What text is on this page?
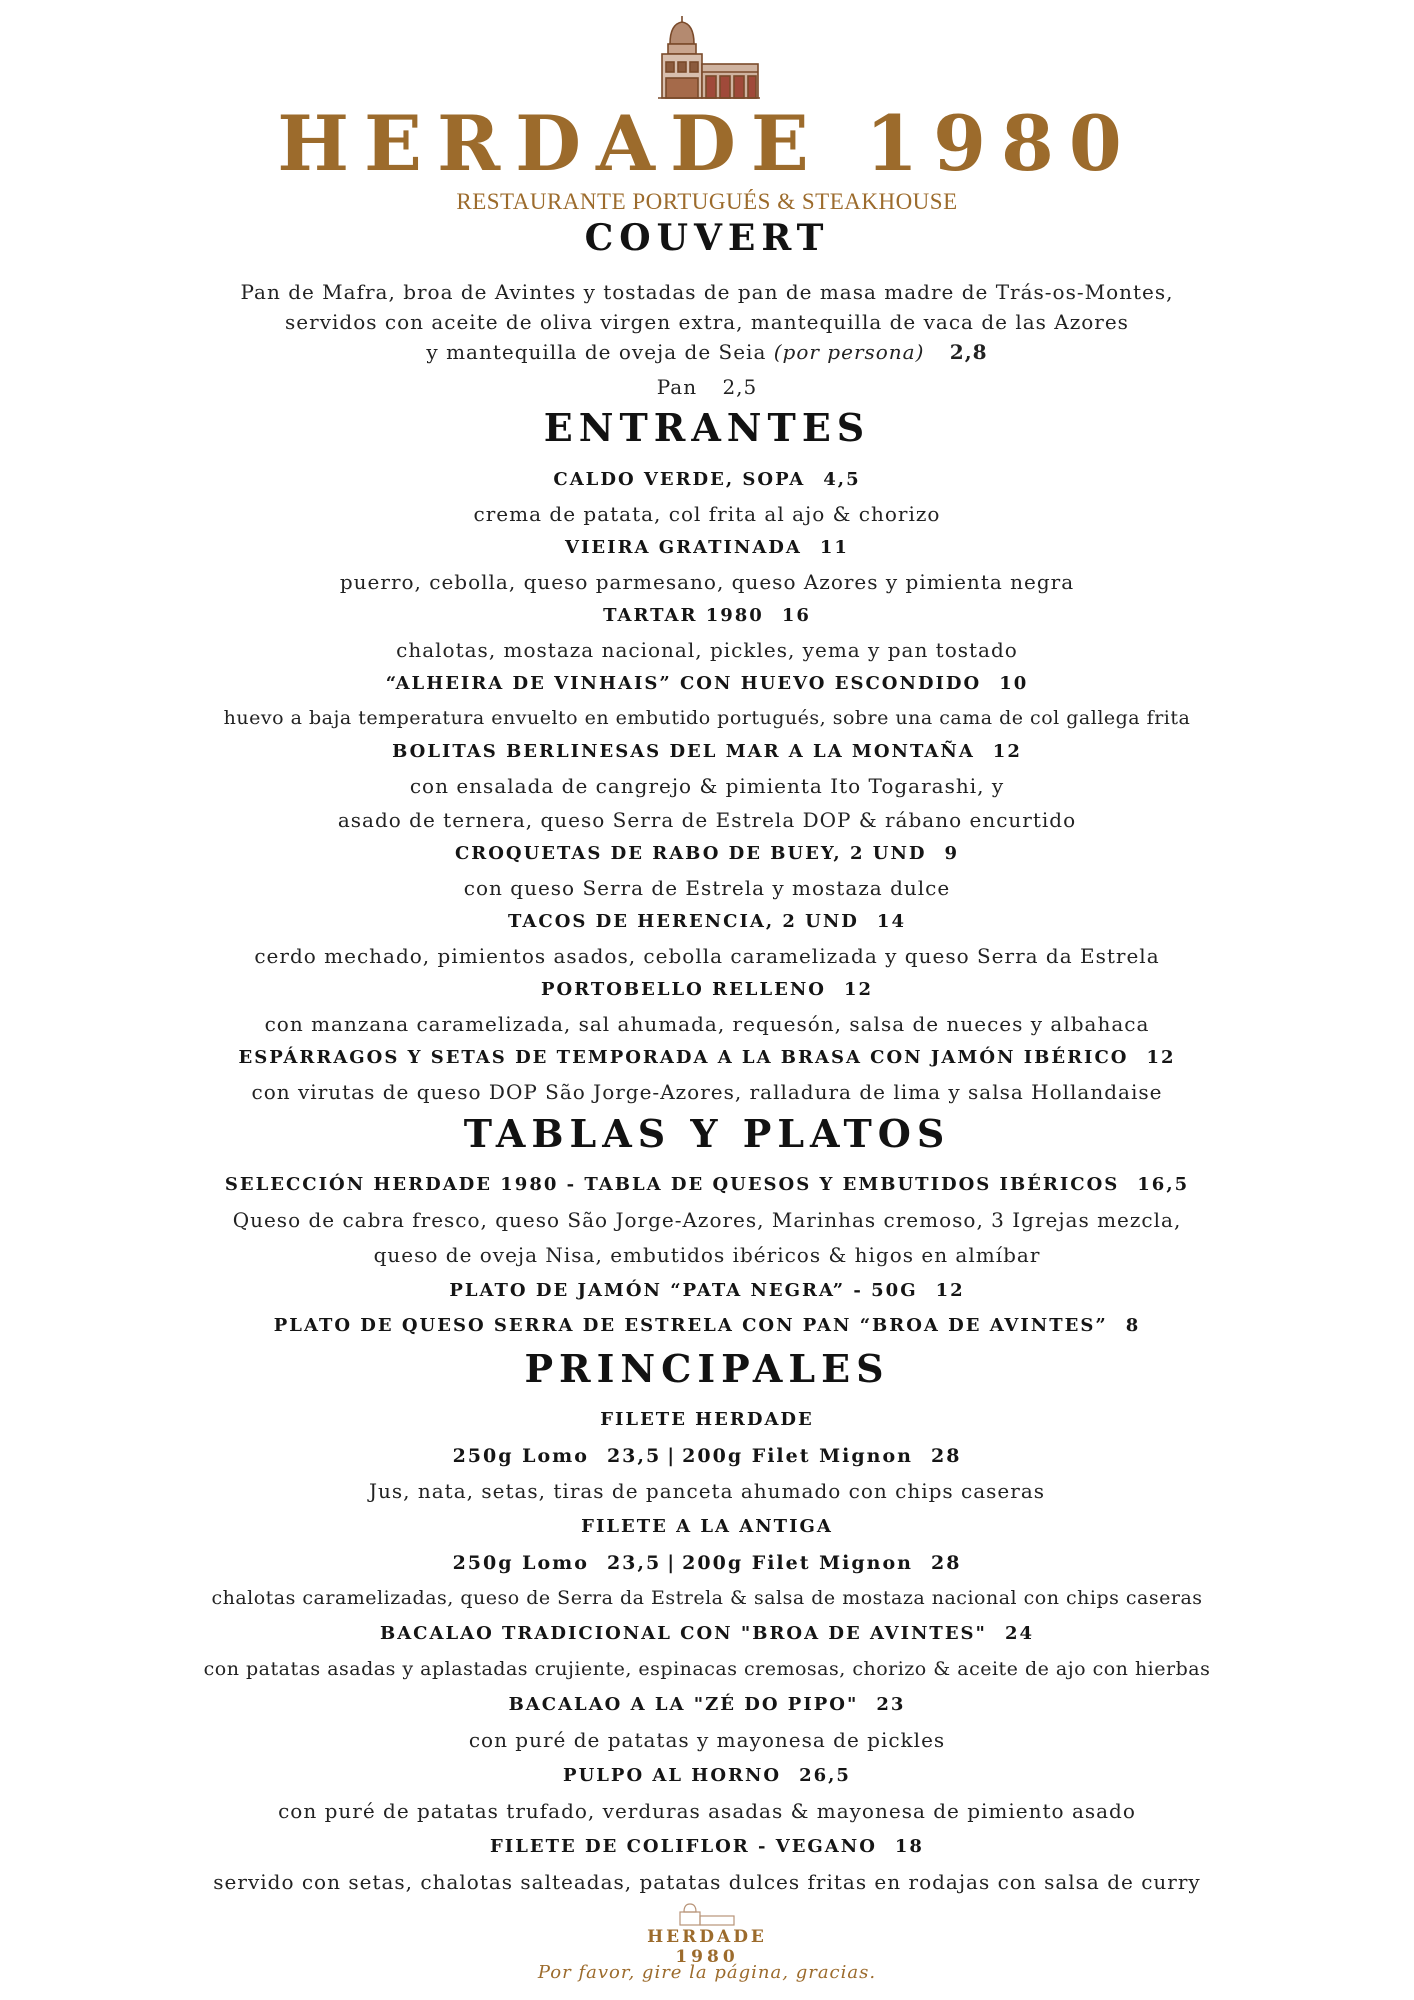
HERDADE 1980
RESTAURANTE PORTUGUÉS & STEAKHOUSE
COUVERT
Pan de Mafra, broa de Avintes y tostadas de pan de masa madre de Trás-os-Montes,
servidos con aceite de oliva virgen extra, mantequilla de vaca de las Azores
y mantequilla de oveja de Seia (por persona) 2,8
Pan 2,5
ENTRANTES
CALDO VERDE, SOPA 4,5
crema de patata, col frita al ajo & chorizo
VIEIRA GRATINADA 11
puerro, cebolla, queso parmesano, queso Azores y pimienta negra
TARTAR 1980 16
chalotas, mostaza nacional, pickles, yema y pan tostado
“ALHEIRA DE VINHAIS” CON HUEVO ESCONDIDO 10
huevo a baja temperatura envuelto en embutido portugués, sobre una cama de col gallega frita
BOLITAS BERLINESAS DEL MAR A LA MONTAÑA 12
con ensalada de cangrejo & pimienta Ito Togarashi, y
asado de ternera, queso Serra de Estrela DOP & rábano encurtido
CROQUETAS DE RABO DE BUEY, 2 UND 9
con queso Serra de Estrela y mostaza dulce
TACOS DE HERENCIA, 2 UND 14
cerdo mechado, pimientos asados, cebolla caramelizada y queso Serra da Estrela
PORTOBELLO RELLENO 12
con manzana caramelizada, sal ahumada, requesón, salsa de nueces y albahaca
ESPÁRRAGOS Y SETAS DE TEMPORADA A LA BRASA CON JAMÓN IBÉRICO 12
con virutas de queso DOP São Jorge-Azores, ralladura de lima y salsa Hollandaise
TABLAS Y PLATOS
SELECCIÓN HERDADE 1980 - TABLA DE QUESOS Y EMBUTIDOS IBÉRICOS 16,5
Queso de cabra fresco, queso São Jorge-Azores, Marinhas cremoso, 3 Igrejas mezcla,
queso de oveja Nisa, embutidos ibéricos & higos en almíbar
PLATO DE JAMÓN “PATA NEGRA” - 50G 12
PLATO DE QUESO SERRA DE ESTRELA CON PAN “BROA DE AVINTES” 8
PRINCIPALES
FILETE HERDADE
250g Lomo 23,5 | 200g Filet Mignon 28
Jus, nata, setas, tiras de panceta ahumado con chips caseras
FILETE A LA ANTIGA
250g Lomo 23,5 | 200g Filet Mignon 28
chalotas caramelizadas, queso de Serra da Estrela & salsa de mostaza nacional con chips caseras
BACALAO TRADICIONAL CON "BROA DE AVINTES" 24
con patatas asadas y aplastadas crujiente, espinacas cremosas, chorizo & aceite de ajo con hierbas
BACALAO A LA "ZÉ DO PIPO" 23
con puré de patatas y mayonesa de pickles
PULPO AL HORNO 26,5
con puré de patatas trufado, verduras asadas & mayonesa de pimiento asado
FILETE DE COLIFLOR - VEGANO 18
servido con setas, chalotas salteadas, patatas dulces fritas en rodajas con salsa de curry
HERDADE
1980
Por favor, gire la página, gracias.
